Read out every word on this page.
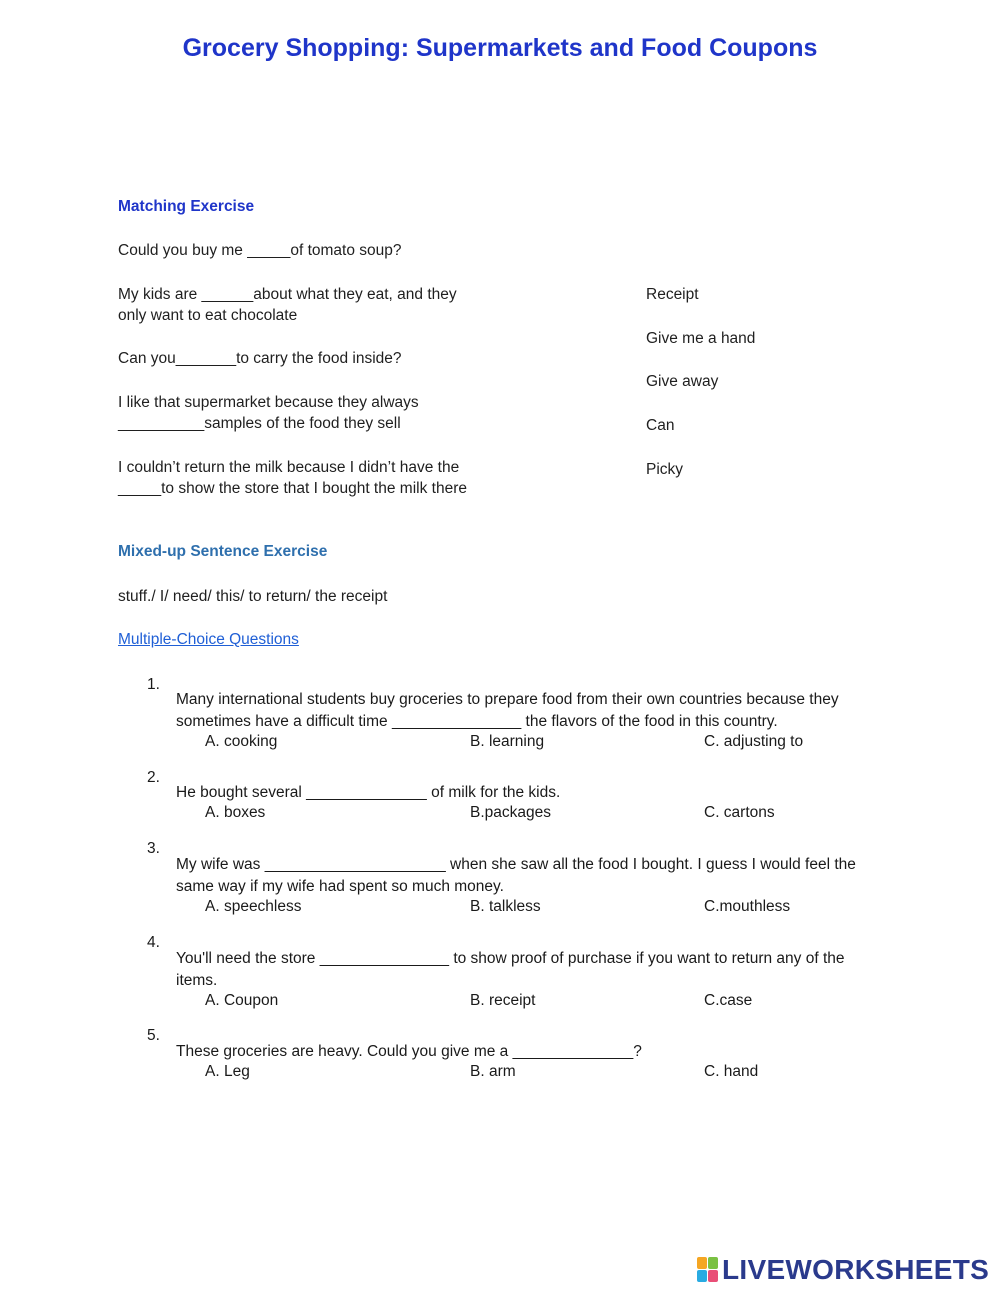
Grocery Shopping: Supermarkets and Food Coupons
Matching Exercise

Could you buy me _____of tomato soup?

My kids are ______about what they eat, and they only want to eat chocolate

Can you_______to carry the food inside?

I like that supermarket because they always __________samples of the food they sell

I couldn’t return the milk because I didn’t have the _____to show the store that I bought the milk there

Receipt

Give me a hand

Give away

Can

Picky

Mixed-up Sentence Exercise

stuff./ I/ need/ this/ to return/ the receipt

Multiple-Choice Questions
1.

Many international students buy groceries to prepare food from their own countries because they sometimes have a difficult time _______________ the flavors of the food in this country.

A. cooking	B. learning	C. adjusting to
2.

He bought several ______________ of milk for the kids.

A. boxes	B.packages	C. cartons
3.

My wife was _____________________ when she saw all the food I bought. I guess I would feel the same way if my wife had spent so much money.

A. speechless	B. talkless	C.mouthless
4.

You'll need the store _______________ to show proof of purchase if you want to return any of the items.

A. Coupon	B. receipt	C.case
5.

These groceries are heavy. Could you give me a ______________?

A. Leg	B. arm	C. hand
LIVEWORKSHEETS
